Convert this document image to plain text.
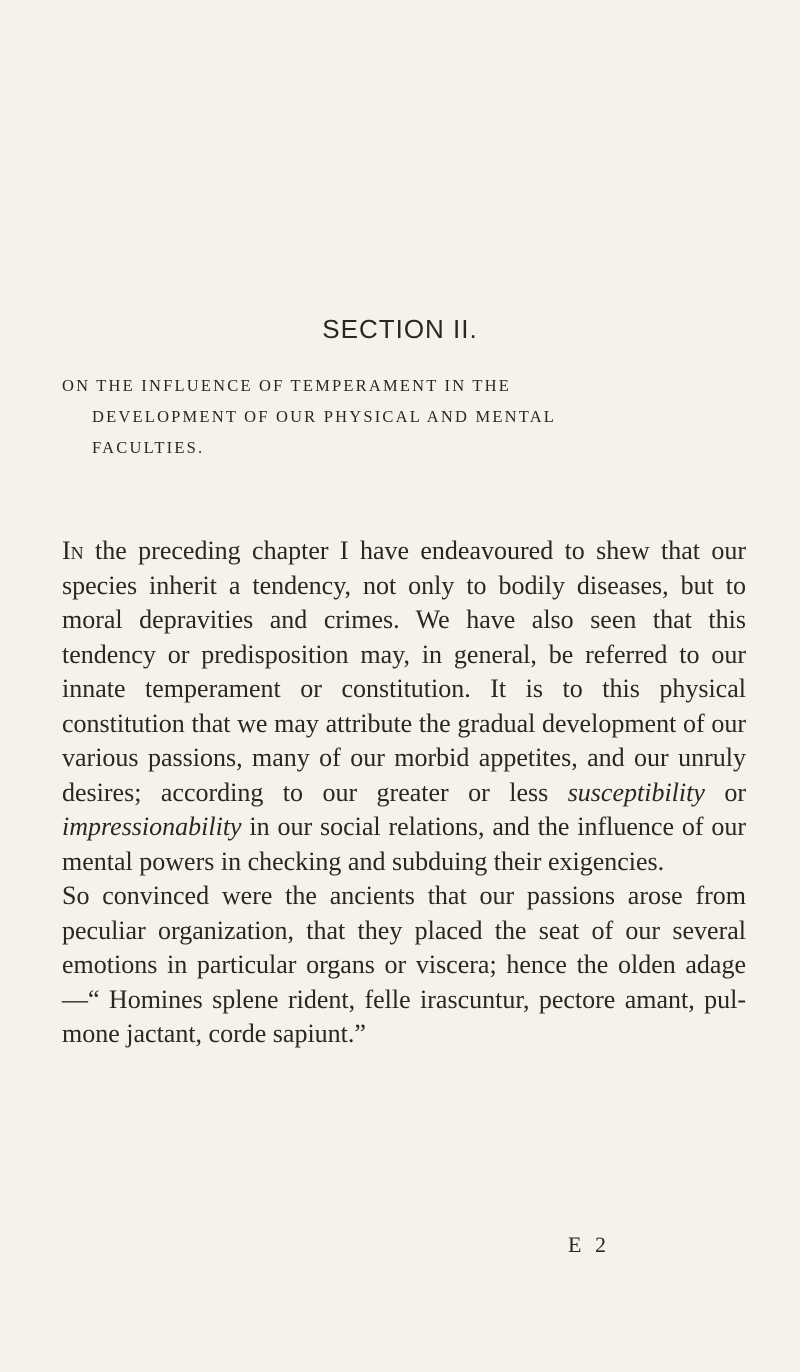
SECTION II.
ON THE INFLUENCE OF TEMPERAMENT IN THE
DEVELOPMENT OF OUR PHYSICAL AND MENTAL
FACULTIES.

In the preceding chapter I have endeavoured to shew that our species inherit a tendency, not only to bodily diseases, but to moral depravities and crimes. We have also seen that this tendency or predisposition may, in general, be referred to our innate temperament or constitution. It is to this physical constitution that we may attribute the gradual development of our various passions, many of our morbid appetites, and our unruly desires; according to our greater or less susceptibility or impressionability in our social relations, and the influence of our mental powers in checking and subduing their exigencies.

So convinced were the ancients that our passions arose from peculiar organization, that they placed the seat of our several emotions in particular organs or viscera; hence the olden adage—“ Homines splene rident, felle irascuntur, pectore amant, pul-mone jactant, corde sapiunt.”

E 2
